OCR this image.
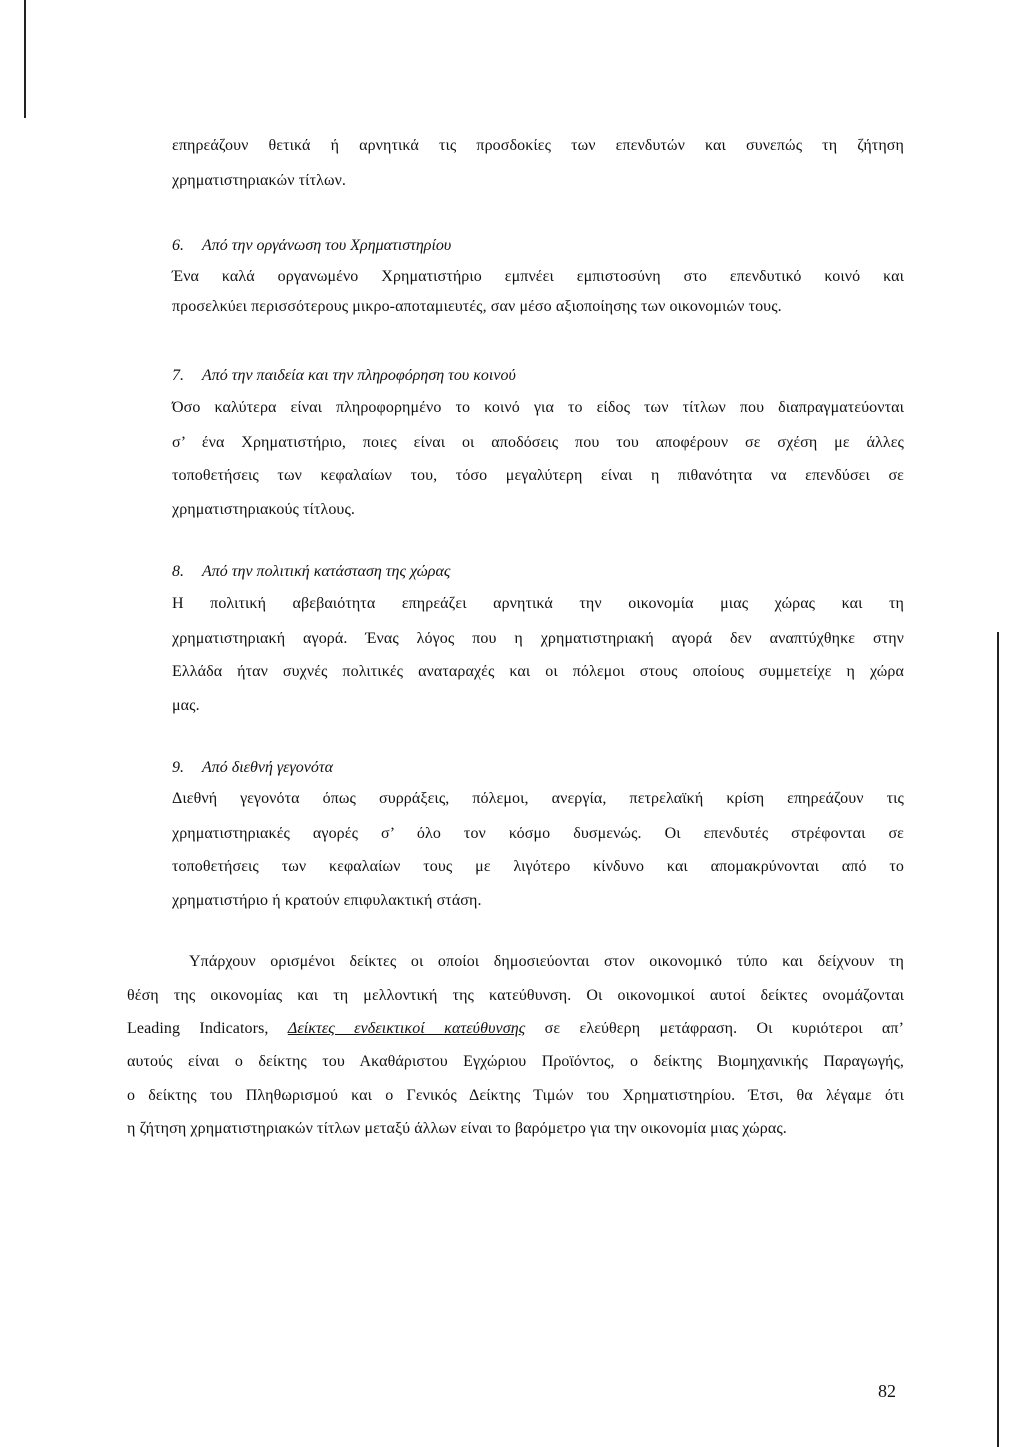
επηρεάζουν θετικά ή αρνητικά τις προσδοκίες των επενδυτών και συνεπώς τη ζήτηση
χρηματιστηριακών τίτλων.
6. Από την οργάνωση του Χρηματιστηρίου
Ένα καλά οργανωμένο Χρηματιστήριο εμπνέει εμπιστοσύνη στο επενδυτικό κοινό και
προσελκύει περισσότερους μικρο-αποταμιευτές, σαν μέσο αξιοποίησης των οικονομιών τους.
7. Από την παιδεία και την πληροφόρηση του κοινού
Όσο καλύτερα είναι πληροφορημένο το κοινό για το είδος των τίτλων που διαπραγματεύονται
σ’ ένα Χρηματιστήριο, ποιες είναι οι αποδόσεις που του αποφέρουν σε σχέση με άλλες
τοποθετήσεις των κεφαλαίων του, τόσο μεγαλύτερη είναι η πιθανότητα να επενδύσει σε
χρηματιστηριακούς τίτλους.
8. Από την πολιτική κατάσταση της χώρας
Η πολιτική αβεβαιότητα επηρεάζει αρνητικά την οικονομία μιας χώρας και τη
χρηματιστηριακή αγορά. Ένας λόγος που η χρηματιστηριακή αγορά δεν αναπτύχθηκε στην
Ελλάδα ήταν συχνές πολιτικές αναταραχές και οι πόλεμοι στους οποίους συμμετείχε η χώρα
μας.
9. Από διεθνή γεγονότα
Διεθνή γεγονότα όπως συρράξεις, πόλεμοι, ανεργία, πετρελαϊκή κρίση επηρεάζουν τις
χρηματιστηριακές αγορές σ’ όλο τον κόσμο δυσμενώς. Οι επενδυτές στρέφονται σε
τοποθετήσεις των κεφαλαίων τους με λιγότερο κίνδυνο και απομακρύνονται από το
χρηματιστήριο ή κρατούν επιφυλακτική στάση.
Υπάρχουν ορισμένοι δείκτες οι οποίοι δημοσιεύονται στον οικονομικό τύπο και δείχνουν τη
θέση της οικονομίας και τη μελλοντική της κατεύθυνση. Οι οικονομικοί αυτοί δείκτες ονομάζονται
Leading Indicators, Δείκτες ενδεικτικοί κατεύθυνσης σε ελεύθερη μετάφραση. Οι κυριότεροι απ’
αυτούς είναι ο δείκτης του Ακαθάριστου Εγχώριου Προϊόντος, ο δείκτης Βιομηχανικής Παραγωγής,
ο δείκτης του Πληθωρισμού και ο Γενικός Δείκτης Τιμών του Χρηματιστηρίου. Έτσι, θα λέγαμε ότι
η ζήτηση χρηματιστηριακών τίτλων μεταξύ άλλων είναι το βαρόμετρο για την οικονομία μιας χώρας.
82
